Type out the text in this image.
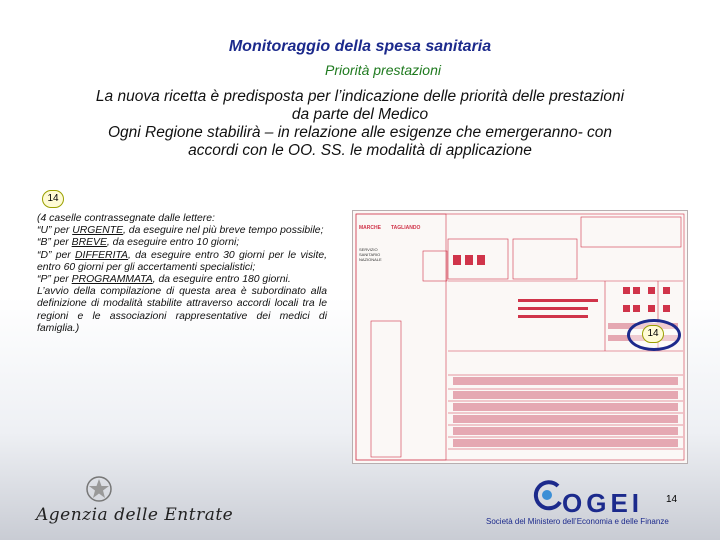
Monitoraggio della spesa sanitaria
Priorità prestazioni
La nuova ricetta è predisposta per l’indicazione delle priorità delle prestazioni
da parte del Medico
Ogni Regione stabilirà – in relazione alle esigenze che emergeranno- con
accordi con le OO. SS. le modalità di applicazione
14
(4 caselle contrassegnate dalle lettere:
“U” per URGENTE, da eseguire nel più breve tempo possibile;
“B” per BREVE, da eseguire entro 10 giorni;
“D” per DIFFERITA, da eseguire entro 30 giorni per le visite, entro 60 giorni per gli accertamenti specialistici;
“P” per PROGRAMMATA, da eseguire entro 180 giorni.
L’avvio della compilazione di questa area è subordinato alla definizione di modalità stabilite attraverso accordi locali tra le regioni e le associazioni rappresentative dei medici di famiglia.)
MARCHE TAGLIANDO
SERVIZIO
SANITARIO
NAZIONALE
14
Agenzia delle Entrate	OGEI 14
Società del Ministero dell’Economia e delle Finanze
